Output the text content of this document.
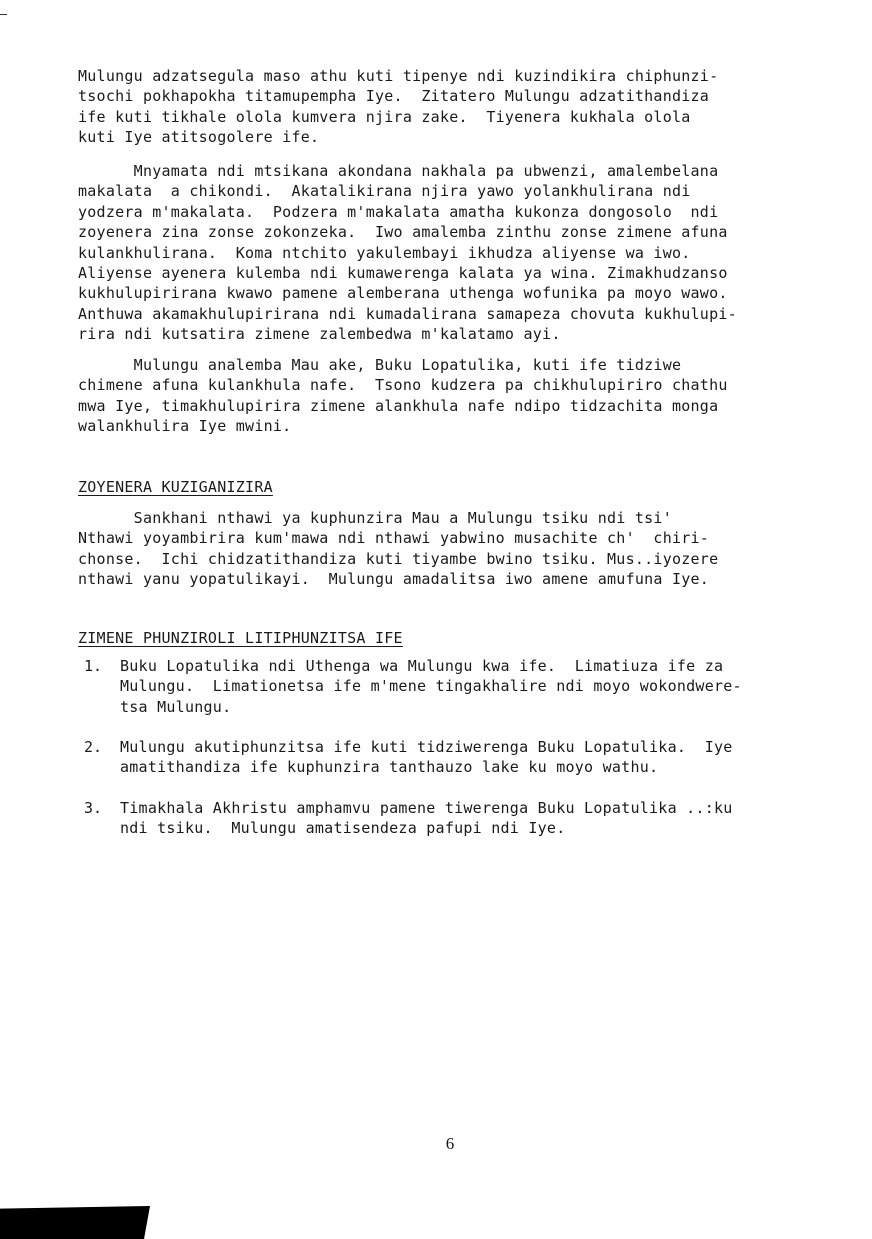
Mulungu adzatsegula maso athu kuti tipenye ndi kuzindikira chiphunzi-
tsochi pokhapokha titamupempha Iye.  Zitatero Mulungu adzatithandiza
ife kuti tikhale olola kumvera njira zake.  Tiyenera kukhala olola
kuti Iye atitsogolere ife.

Mnyamata ndi mtsikana akondana nakhala pa ubwenzi, amalembelana
makalata  a chikondi.  Akatalikirana njira yawo yolankhulirana ndi
yodzera m'makalata.  Podzera m'makalata amatha kukonza dongosolo  ndi
zoyenera zina zonse zokonzeka.  Iwo amalemba zinthu zonse zimene afuna
kulankhulirana.  Koma ntchito yakulembayi ikhudza aliyense wa iwo.
Aliyense ayenera kulemba ndi kumawerenga kalata ya wina. Zimakhudzanso
kukhulupirirana kwawo pamene alemberana uthenga wofunika pa moyo wawo.
Anthuwa akamakhulupirirana ndi kumadalirana samapeza chovuta kukhulupi-
rira ndi kutsatira zimene zalembedwa m'kalatamo ayi.

Mulungu analemba Mau ake, Buku Lopatulika, kuti ife tidziwe
chimene afuna kulankhula nafe.  Tsono kudzera pa chikhulupiriro chathu
mwa Iye, timakhulupirira zimene alankhula nafe ndipo tidzachita monga
walankhulira Iye mwini.

ZOYENERA KUZIGANIZIRA

Sankhani nthawi ya kuphunzira Mau a Mulungu tsiku ndi tsi'
Nthawi yoyambirira kum'mawa ndi nthawi yabwino musachite ch'  chiri-
chonse.  Ichi chidzatithandiza kuti tiyambe bwino tsiku. Mus..iyozere
nthawi yanu yopatulikayi.  Mulungu amadalitsa iwo amene amufuna Iye.

ZIMENE PHUNZIROLI LITIPHUNZITSA IFE
1. Buku Lopatulika ndi Uthenga wa Mulungu kwa ife.  Limatiuza ife za
Mulungu.  Limationetsa ife m'mene tingakhalire ndi moyo wokondwere-
tsa Mulungu.

2. Mulungu akutiphunzitsa ife kuti tidziwerenga Buku Lopatulika.  Iye
amatithandiza ife kuphunzira tanthauzo lake ku moyo wathu.

3. Timakhala Akhristu amphamvu pamene tiwerenga Buku Lopatulika ..:ku
ndi tsiku.  Mulungu amatisendeza pafupi ndi Iye.

6
